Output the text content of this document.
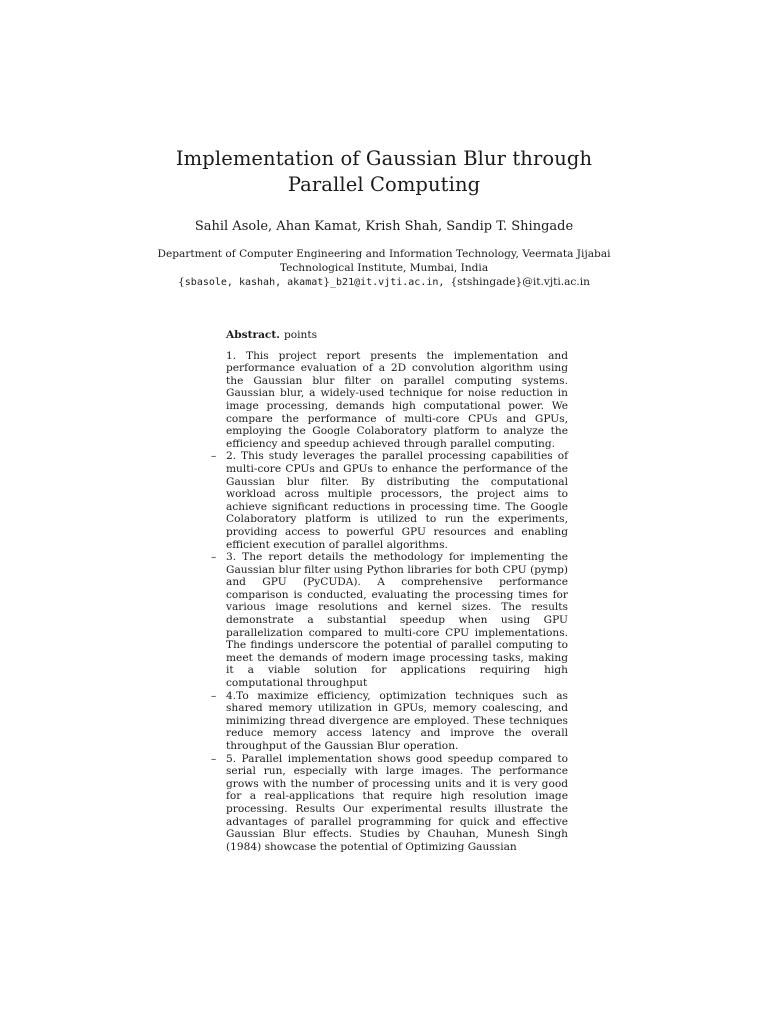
Implementation of Gaussian Blur through
Parallel Computing
Sahil Asole, Ahan Kamat, Krish Shah, Sandip T. Shingade
Department of Computer Engineering and Information Technology, Veermata Jijabai
Technological Institute, Mumbai, India
{sbasole, kashah, akamat}_b21@it.vjti.ac.in, {stshingade}@it.vjti.ac.in

Abstract. points

1. This project report presents the implementation and performance evaluation of a 2D convolution algorithm using the Gaussian blur filter on parallel computing systems. Gaussian blur, a widely-used technique for noise reduction in image processing, demands high computational power. We compare the performance of multi-core CPUs and GPUs, employing the Google Colaboratory platform to analyze the efficiency and speedup achieved through parallel computing.
– 2. This study leverages the parallel processing capabilities of multi-core CPUs and GPUs to enhance the performance of the Gaussian blur filter. By distributing the computational workload across multiple processors, the project aims to achieve significant reductions in processing time. The Google Colaboratory platform is utilized to run the experiments, providing access to powerful GPU resources and enabling efficient execution of parallel algorithms.
– 3. The report details the methodology for implementing the Gaussian blur filter using Python libraries for both CPU (pymp) and GPU (PyCUDA). A comprehensive performance comparison is conducted, evaluating the processing times for various image resolutions and kernel sizes. The results demonstrate a substantial speedup when using GPU parallelization compared to multi-core CPU implementations. The findings underscore the potential of parallel computing to meet the demands of modern image processing tasks, making it a viable solution for applications requiring high computational throughput
– 4.To maximize efficiency, optimization techniques such as shared memory utilization in GPUs, memory coalescing, and minimizing thread divergence are employed. These techniques reduce memory access latency and improve the overall throughput of the Gaussian Blur operation.
– 5. Parallel implementation shows good speedup compared to serial run, especially with large images. The performance grows with the number of processing units and it is very good for a real-applications that require high resolution image processing. Results Our experimental results illustrate the advantages of parallel programming for quick and effective Gaussian Blur effects. Studies by Chauhan, Munesh Singh (1984) showcase the potential of Optimizing Gaussian
